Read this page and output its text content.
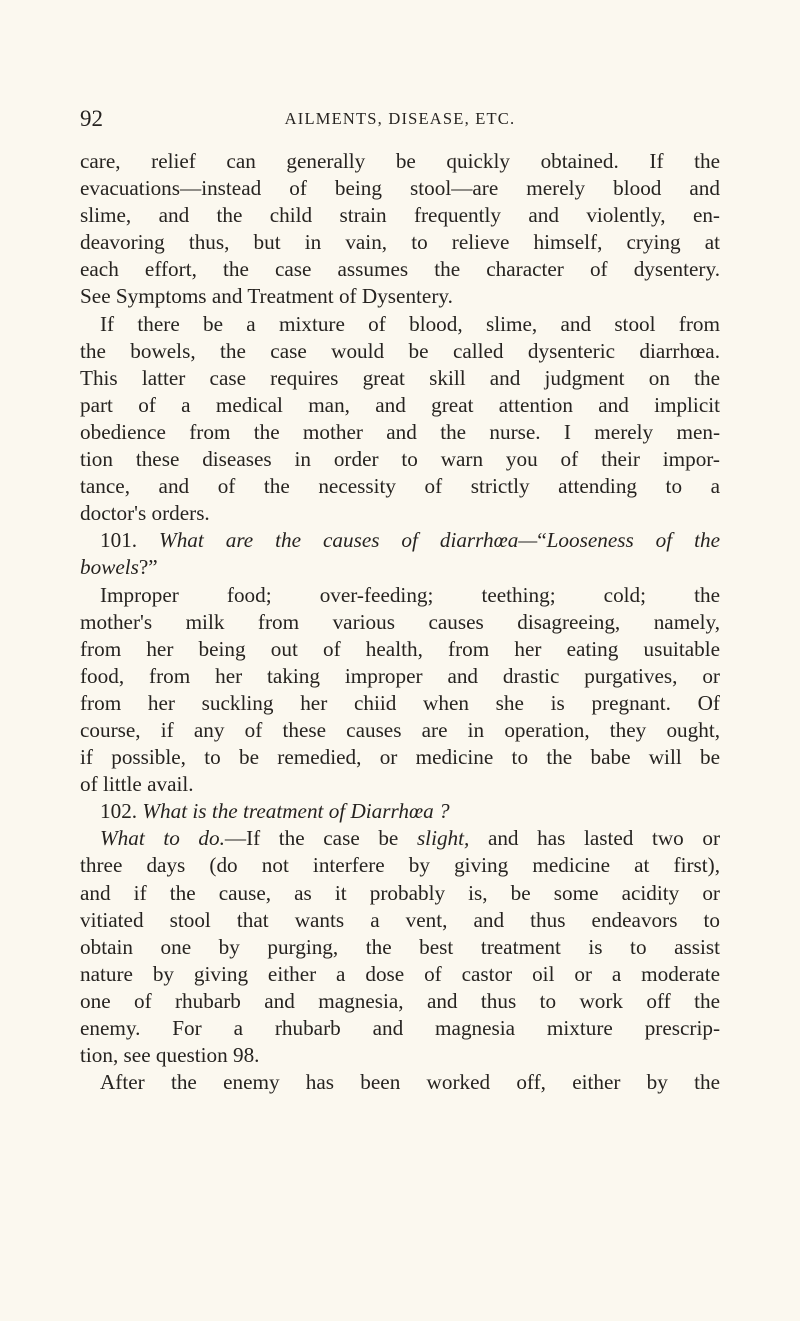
92	AILMENTS, DISEASE, ETC.
care, relief can generally be quickly obtained. If the
evacuations—instead of being stool—are merely blood and
slime, and the child strain frequently and violently, en-
deavoring thus, but in vain, to relieve himself, crying at
each effort, the case assumes the character of dysentery.
See Symptoms and Treatment of Dysentery.
If there be a mixture of blood, slime, and stool from
the bowels, the case would be called dysenteric diarrhœa.
This latter case requires great skill and judgment on the
part of a medical man, and great attention and implicit
obedience from the mother and the nurse. I merely men-
tion these diseases in order to warn you of their impor-
tance, and of the necessity of strictly attending to a
doctor's orders.
101. What are the causes of diarrhœa—“Looseness of the
bowels?”
Improper food; over-feeding; teething; cold; the
mother's milk from various causes disagreeing, namely,
from her being out of health, from her eating usuitable
food, from her taking improper and drastic purgatives, or
from her suckling her chiid when she is pregnant. Of
course, if any of these causes are in operation, they ought,
if possible, to be remedied, or medicine to the babe will be
of little avail.
102. What is the treatment of Diarrhœa ?
What to do.—If the case be slight, and has lasted two or
three days (do not interfere by giving medicine at first),
and if the cause, as it probably is, be some acidity or
vitiated stool that wants a vent, and thus endeavors to
obtain one by purging, the best treatment is to assist
nature by giving either a dose of castor oil or a moderate
one of rhubarb and magnesia, and thus to work off the
enemy. For a rhubarb and magnesia mixture prescrip-
tion, see question 98.
After the enemy has been worked off, either by the
